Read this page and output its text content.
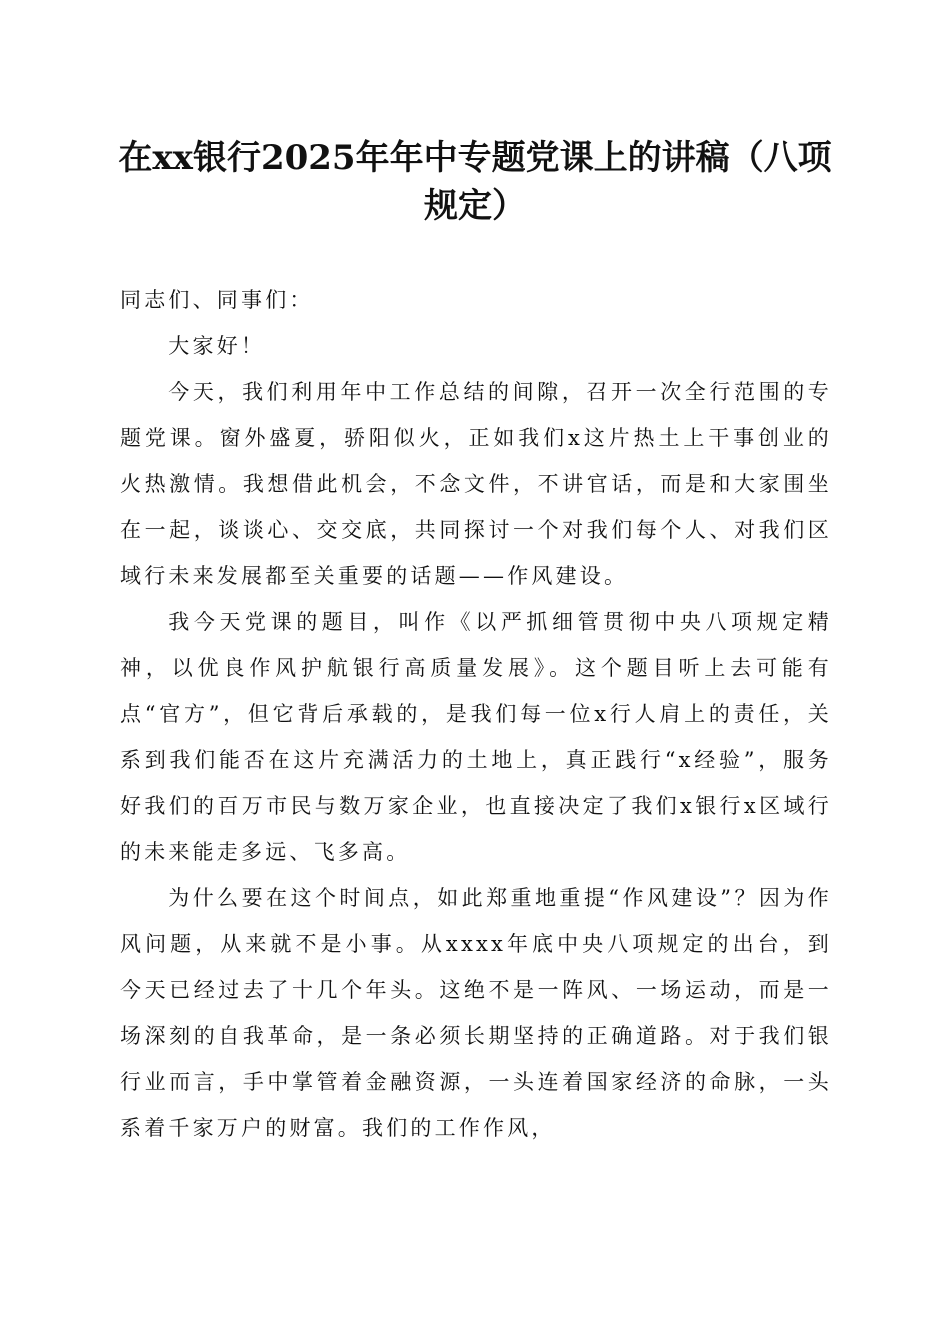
在xx银行2025年年中专题党课上的讲稿（八项规定）

同志们、同事们：

大家好！

今天，我们利用年中工作总结的间隙，召开一次全行范围的专题党课。窗外盛夏，骄阳似火，正如我们x这片热土上干事创业的火热激情。我想借此机会，不念文件，不讲官话，而是和大家围坐在一起，谈谈心、交交底，共同探讨一个对我们每个人、对我们区域行未来发展都至关重要的话题——作风建设。

我今天党课的题目，叫作《以严抓细管贯彻中央八项规定精神，以优良作风护航银行高质量发展》。这个题目听上去可能有点“官方”，但它背后承载的，是我们每一位x行人肩上的责任，关系到我们能否在这片充满活力的土地上，真正践行“x经验”，服务好我们的百万市民与数万家企业，也直接决定了我们x银行x区域行的未来能走多远、飞多高。

为什么要在这个时间点，如此郑重地重提“作风建设”？因为作风问题，从来就不是小事。从xxxx年底中央八项规定的出台，到今天已经过去了十几个年头。这绝不是一阵风、一场运动，而是一场深刻的自我革命，是一条必须长期坚持的正确道路。对于我们银行业而言，手中掌管着金融资源，一头连着国家经济的命脉，一头系着千家万户的财富。我们的工作作风，
